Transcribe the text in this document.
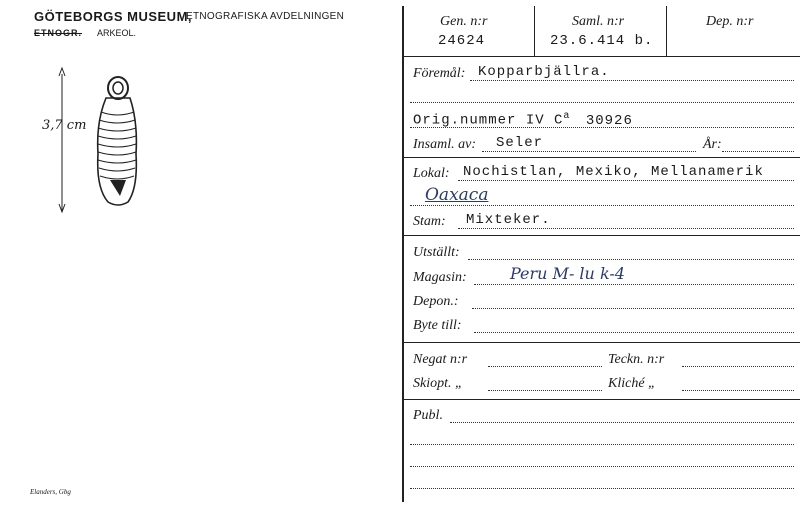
GÖTEBORGS MUSEUM,
ETNOGRAFISKA AVDELNINGEN
ETNOGR. ARKEOL.
3,7 cm
Elanders, Gbg
Gen. n:r
24624
Saml. n:r
23.6.414 b.
Dep. n:r
Föremål: Kopparbjällra.
Orig.nummer IV $C^a$ 30926
Insaml. av: Seler	År:
Lokal: Nochistlan, Mexiko, Mellanamerik
Oaxaca
Stam: Mixteker.
Utställt:
Magasin:	Peru M- lu k-4
Depon.:
Byte till:
Negat n:r	Teckn. n:r
Skiopt. „	Kliché „
Publ.
